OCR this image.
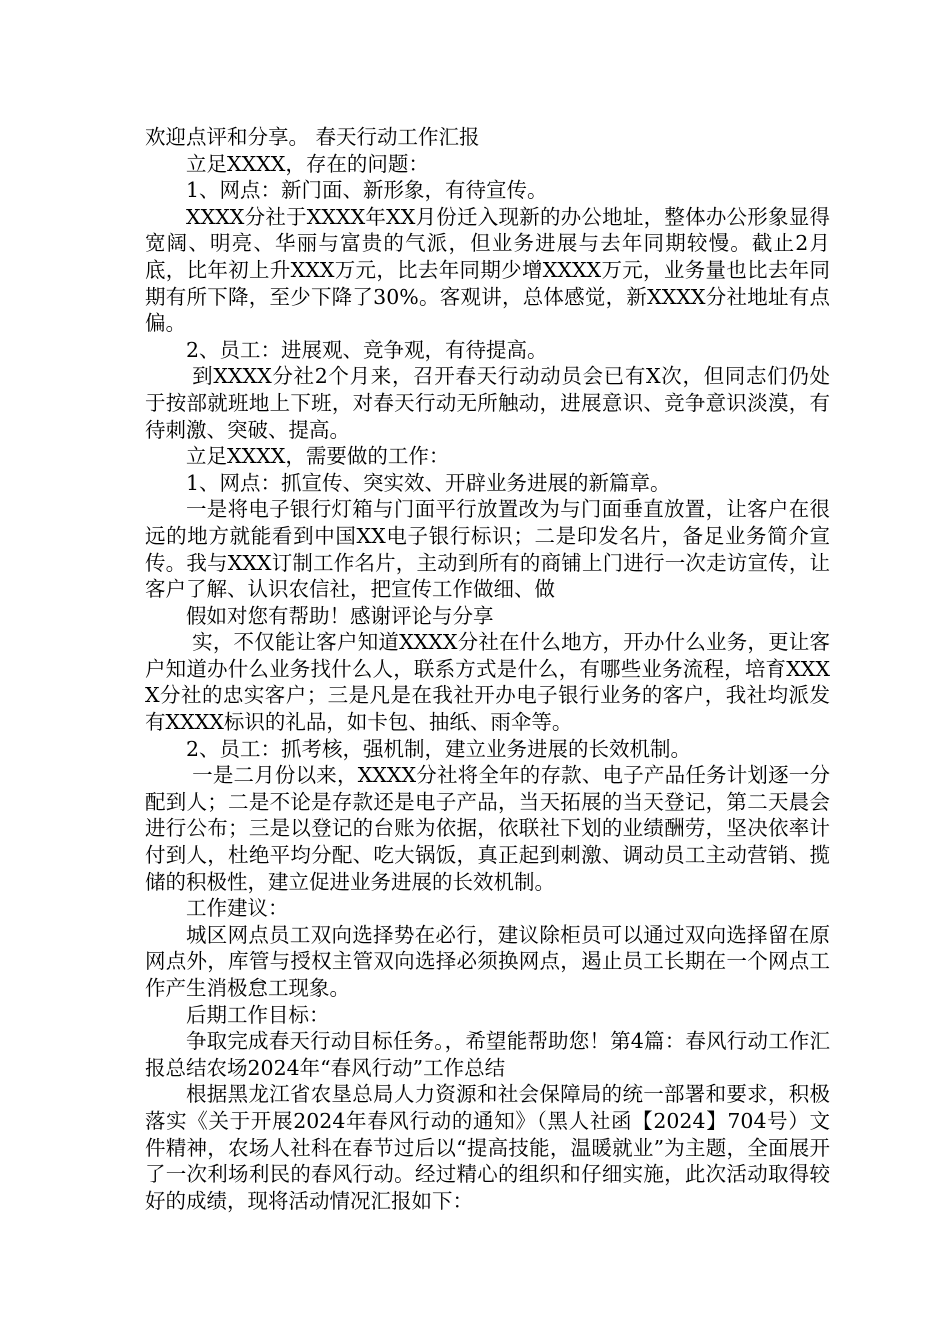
欢迎点评和分享。 春天行动工作汇报

立足XXXX，存在的问题：

1、网点：新门面、新形象，有待宣传。

XXXX分社于XXXX年XX月份迁入现新的办公地址，整体办公形象显得宽阔、明亮、华丽与富贵的气派，但业务进展与去年同期较慢。截止2月底，比年初上升XXX万元，比去年同期少增XXXX万元，业务量也比去年同期有所下降，至少下降了30%。客观讲，总体感觉，新XXXX分社地址有点偏。

2、员工：进展观、竞争观，有待提高。

到XXXX分社2个月来，召开春天行动动员会已有X次，但同志们仍处于按部就班地上下班，对春天行动无所触动，进展意识、竞争意识淡漠，有待刺激、突破、提高。

立足XXXX，需要做的工作：

1、网点：抓宣传、突实效、开辟业务进展的新篇章。

一是将电子银行灯箱与门面平行放置改为与门面垂直放置，让客户在很远的地方就能看到中国XX电子银行标识；二是印发名片，备足业务简介宣传。我与XXX订制工作名片，主动到所有的商铺上门进行一次走访宣传，让客户了解、认识农信社，把宣传工作做细、做

假如对您有帮助！感谢评论与分享

实，不仅能让客户知道XXXX分社在什么地方，开办什么业务，更让客户知道办什么业务找什么人，联系方式是什么，有哪些业务流程，培育XXXX分社的忠实客户；三是凡是在我社开办电子银行业务的客户，我社均派发有XXXX标识的礼品，如卡包、抽纸、雨伞等。

2、员工：抓考核，强机制，建立业务进展的长效机制。

一是二月份以来，XXXX分社将全年的存款、电子产品任务计划逐一分配到人；二是不论是存款还是电子产品，当天拓展的当天登记，第二天晨会进行公布；三是以登记的台账为依据，依联社下划的业绩酬劳，坚决依率计付到人，杜绝平均分配、吃大锅饭，真正起到刺激、调动员工主动营销、揽储的积极性，建立促进业务进展的长效机制。

工作建议：

城区网点员工双向选择势在必行，建议除柜员可以通过双向选择留在原网点外，库管与授权主管双向选择必须换网点，遏止员工长期在一个网点工作产生消极怠工现象。

后期工作目标：

争取完成春天行动目标任务。，希望能帮助您！第4篇：春风行动工作汇报总结农场2024年“春风行动”工作总结

根据黑龙江省农垦总局人力资源和社会保障局的统一部署和要求，积极落实《关于开展2024年春风行动的通知》（黑人社函【2024】704号）文件精神，农场人社科在春节过后以“提高技能，温暖就业”为主题，全面展开了一次利场利民的春风行动。经过精心的组织和仔细实施，此次活动取得较好的成绩，现将活动情况汇报如下：
